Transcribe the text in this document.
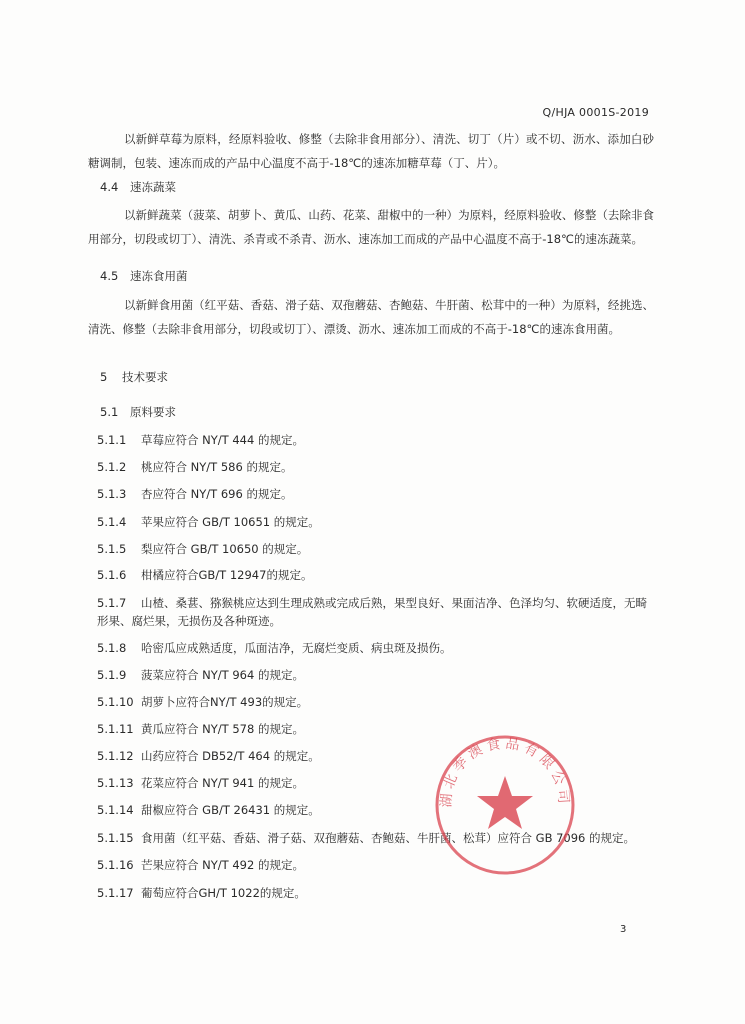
Q/HJA 0001S-2019
以新鲜草莓为原料，经原料验收、修整（去除非食用部分）、清洗、切丁（片）或不切、沥水、添加白砂糖调制，包装、速冻而成的产品中心温度不高于-18℃的速冻加糖草莓（丁、片）。
4.4 速冻蔬菜
以新鲜蔬菜（菠菜、胡萝卜、黄瓜、山药、花菜、甜椒中的一种）为原料，经原料验收、修整（去除非食用部分，切段或切丁）、清洗、杀青或不杀青、沥水、速冻加工而成的产品中心温度不高于-18℃的速冻蔬菜。
4.5 速冻食用菌
以新鲜食用菌（红平菇、香菇、滑子菇、双孢蘑菇、杏鲍菇、牛肝菌、松茸中的一种）为原料，经挑选、清洗、修整（去除非食用部分，切段或切丁）、漂烫、沥水、速冻加工而成的不高于-18℃的速冻食用菌。
5 技术要求
5.1 原料要求
5.1.1 草莓应符合 NY/T 444 的规定。
5.1.2 桃应符合 NY/T 586 的规定。
5.1.3 杏应符合 NY/T 696 的规定。
5.1.4 苹果应符合 GB/T 10651 的规定。
5.1.5 梨应符合 GB/T 10650 的规定。
5.1.6 柑橘应符合GB/T 12947的规定。
5.1.7 山楂、桑葚、猕猴桃应达到生理成熟或完成后熟，果型良好、果面洁净、色泽均匀、软硬适度，无畸形果、腐烂果，无损伤及各种斑迹。
5.1.8 哈密瓜应成熟适度，瓜面洁净，无腐烂变质、病虫斑及损伤。
5.1.9 菠菜应符合 NY/T 964 的规定。
5.1.10 胡萝卜应符合NY/T 493的规定。
5.1.11 黄瓜应符合 NY/T 578 的规定。
5.1.12 山药应符合 DB52/T 464 的规定。
5.1.13 花菜应符合 NY/T 941 的规定。
5.1.14 甜椒应符合 GB/T 26431 的规定。
5.1.15 食用菌（红平菇、香菇、滑子菇、双孢蘑菇、杏鲍菇、牛肝菌、松茸）应符合 GB 7096 的规定。
5.1.16 芒果应符合 NY/T 492 的规定。
5.1.17 葡萄应符合GH/T 1022的规定。
湖北季澳食品有限公司
3
